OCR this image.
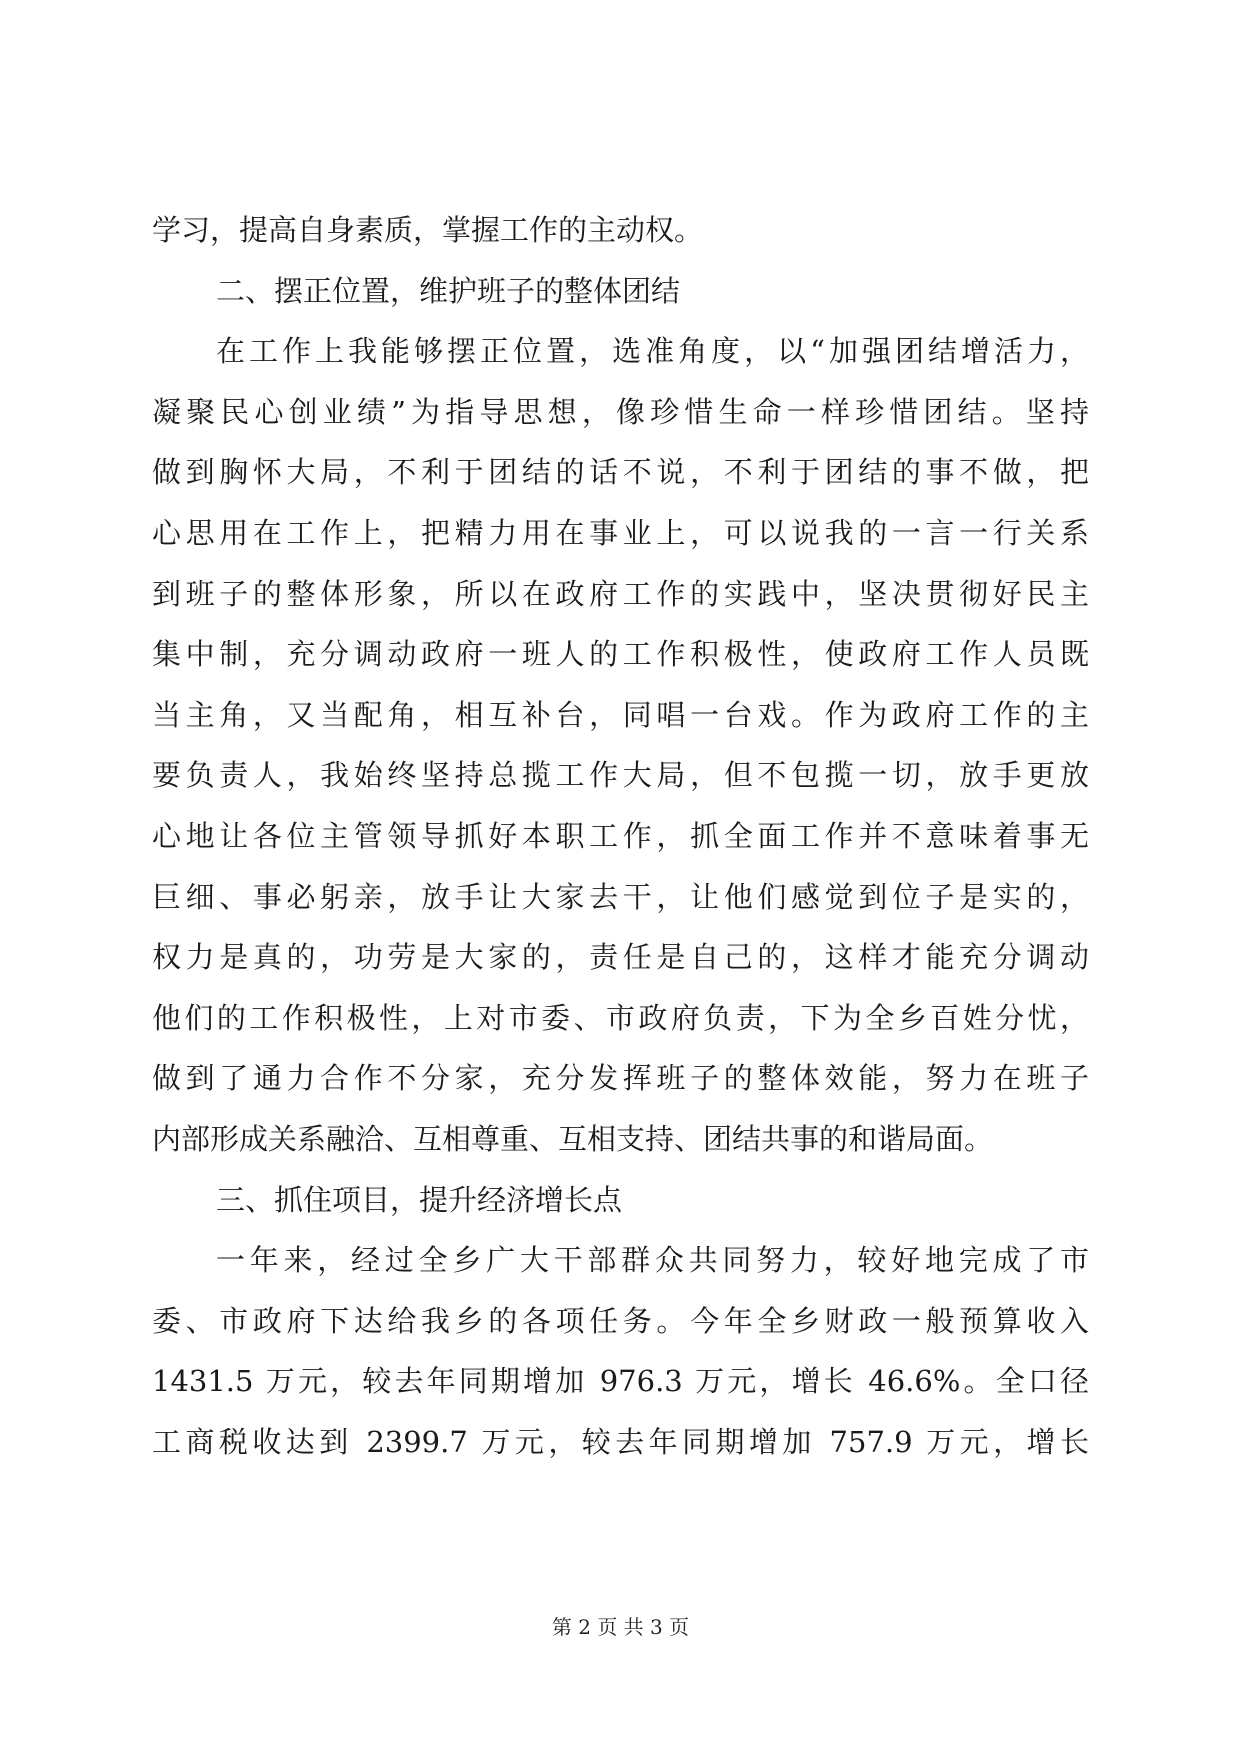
学习，提高自身素质，掌握工作的主动权。
二、摆正位置，维护班子的整体团结
在工作上我能够摆正位置，选准角度，以“加强团结增活力，
凝聚民心创业绩”为指导思想，像珍惜生命一样珍惜团结。坚持
做到胸怀大局，不利于团结的话不说，不利于团结的事不做，把
心思用在工作上，把精力用在事业上，可以说我的一言一行关系
到班子的整体形象，所以在政府工作的实践中，坚决贯彻好民主
集中制，充分调动政府一班人的工作积极性，使政府工作人员既
当主角，又当配角，相互补台，同唱一台戏。作为政府工作的主
要负责人，我始终坚持总揽工作大局，但不包揽一切，放手更放
心地让各位主管领导抓好本职工作，抓全面工作并不意味着事无
巨细、事必躬亲，放手让大家去干，让他们感觉到位子是实的，
权力是真的，功劳是大家的，责任是自己的，这样才能充分调动
他们的工作积极性，上对市委、市政府负责，下为全乡百姓分忧，
做到了通力合作不分家，充分发挥班子的整体效能，努力在班子
内部形成关系融洽、互相尊重、互相支持、团结共事的和谐局面。
三、抓住项目，提升经济增长点
一年来，经过全乡广大干部群众共同努力，较好地完成了市
委、市政府下达给我乡的各项任务。今年全乡财政一般预算收入
1431.5 万元，较去年同期增加 976.3 万元，增长 46.6%。全口径
工商税收达到 2399.7 万元，较去年同期增加 757.9 万元，增长
第 2 页 共 3 页
